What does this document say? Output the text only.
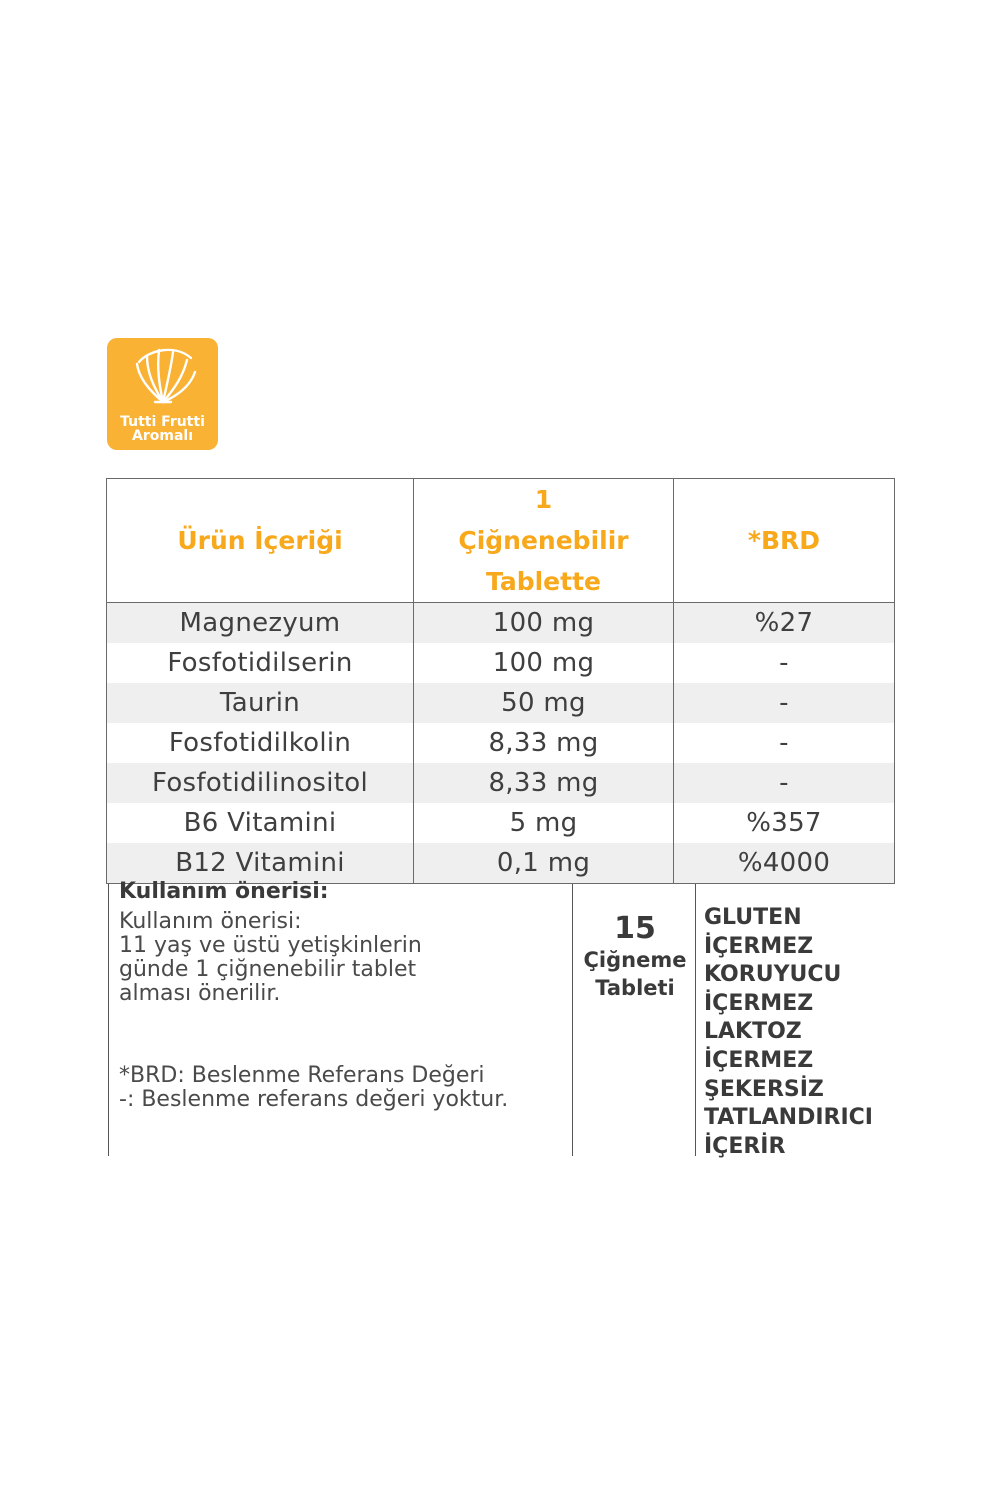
Tutti Frutti
Aromalı
Ürün İçeriği	1 Çiğnenebilir Tablette	*BRD
Magnezyum	100 mg	%27
Fosfotidilserin	100 mg	-
Taurin	50 mg	-
Fosfotidilkolin	8,33 mg	-
Fosfotidilinositol	8,33 mg	-
B6 Vitamini	5 mg	%357
B12 Vitamini	0,1 mg	%4000
Kullanım önerisi:
Kullanım önerisi:
11 yaş ve üstü yetişkinlerin
günde 1 çiğnenebilir tablet
alması önerilir.
*BRD: Beslenme Referans Değeri
-: Beslenme referans değeri yoktur.
15
Çiğneme
Tableti
GLUTEN
İÇERMEZ
KORUYUCU
İÇERMEZ
LAKTOZ
İÇERMEZ
ŞEKERSİZ
TATLANDIRICI
İÇERİR
